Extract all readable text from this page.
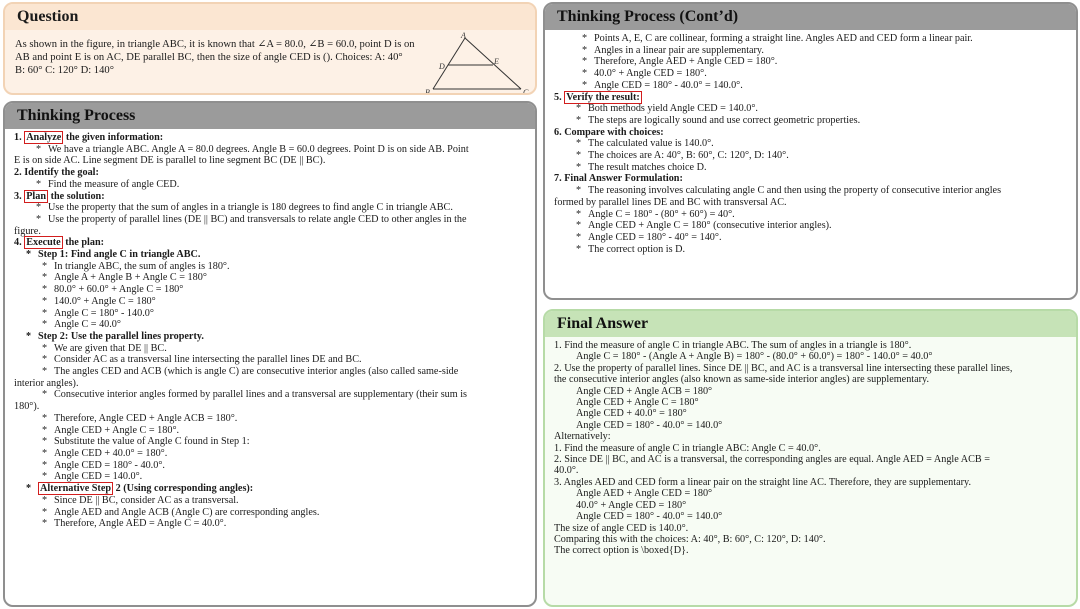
Question
As shown in the figure, in triangle ABC, it is known that ∠A = 80.0, ∠B = 60.0, point D is on AB and point E is on AC, DE parallel BC, then the size of angle CED is (). Choices: A: 40° B: 60° C: 120° D: 140°
A
B	C
D
E
Thinking Process
1. Analyze the given information:
* We have a triangle ABC. Angle A = 80.0 degrees. Angle B = 60.0 degrees. Point D is on side AB. Point
E is on side AC. Line segment DE is parallel to line segment BC (DE || BC).
2. Identify the goal:
* Find the measure of angle CED.
3. Plan the solution:
* Use the property that the sum of angles in a triangle is 180 degrees to find angle C in triangle ABC.
* Use the property of parallel lines (DE || BC) and transversals to relate angle CED to other angles in the
figure.
4. Execute the plan:
* Step 1: Find angle C in triangle ABC.
* In triangle ABC, the sum of angles is 180°.
* Angle A + Angle B + Angle C = 180°
* 80.0° + 60.0° + Angle C = 180°
* 140.0° + Angle C = 180°
* Angle C = 180° - 140.0°
* Angle C = 40.0°
* Step 2: Use the parallel lines property.
* We are given that DE || BC.
* Consider AC as a transversal line intersecting the parallel lines DE and BC.
* The angles CED and ACB (which is angle C) are consecutive interior angles (also called same-side
interior angles).
* Consecutive interior angles formed by parallel lines and a transversal are supplementary (their sum is
180°).
* Therefore, Angle CED + Angle ACB = 180°.
* Angle CED + Angle C = 180°.
* Substitute the value of Angle C found in Step 1:
* Angle CED + 40.0° = 180°.
* Angle CED = 180° - 40.0°.
* Angle CED = 140.0°.
* Alternative Step 2 (Using corresponding angles):
* Since DE || BC, consider AC as a transversal.
* Angle AED and Angle ACB (Angle C) are corresponding angles.
* Therefore, Angle AED = Angle C = 40.0°.
Thinking Process (Cont’d)
* Points A, E, C are collinear, forming a straight line. Angles AED and CED form a linear pair.
* Angles in a linear pair are supplementary.
* Therefore, Angle AED + Angle CED = 180°.
* 40.0° + Angle CED = 180°.
* Angle CED = 180° - 40.0° = 140.0°.
5. Verify the result:
* Both methods yield Angle CED = 140.0°.
* The steps are logically sound and use correct geometric properties.
6. Compare with choices:
* The calculated value is 140.0°.
* The choices are A: 40°, B: 60°, C: 120°, D: 140°.
* The result matches choice D.
7. Final Answer Formulation:
* The reasoning involves calculating angle C and then using the property of consecutive interior angles
formed by parallel lines DE and BC with transversal AC.
* Angle C = 180° - (80° + 60°) = 40°.
* Angle CED + Angle C = 180° (consecutive interior angles).
* Angle CED = 180° - 40° = 140°.
* The correct option is D.
Final Answer
1. Find the measure of angle C in triangle ABC. The sum of angles in a triangle is 180°.
Angle C = 180° - (Angle A + Angle B) = 180° - (80.0° + 60.0°) = 180° - 140.0° = 40.0°
2. Use the property of parallel lines. Since DE || BC, and AC is a transversal line intersecting these parallel lines,
the consecutive interior angles (also known as same-side interior angles) are supplementary.
Angle CED + Angle ACB = 180°
Angle CED + Angle C = 180°
Angle CED + 40.0° = 180°
Angle CED = 180° - 40.0° = 140.0°
Alternatively:
1. Find the measure of angle C in triangle ABC: Angle C = 40.0°.
2. Since DE || BC, and AC is a transversal, the corresponding angles are equal. Angle AED = Angle ACB =
40.0°.
3. Angles AED and CED form a linear pair on the straight line AC. Therefore, they are supplementary.
Angle AED + Angle CED = 180°
40.0° + Angle CED = 180°
Angle CED = 180° - 40.0° = 140.0°
The size of angle CED is 140.0°.
Comparing this with the choices: A: 40°, B: 60°, C: 120°, D: 140°.
The correct option is \boxed{D}.
